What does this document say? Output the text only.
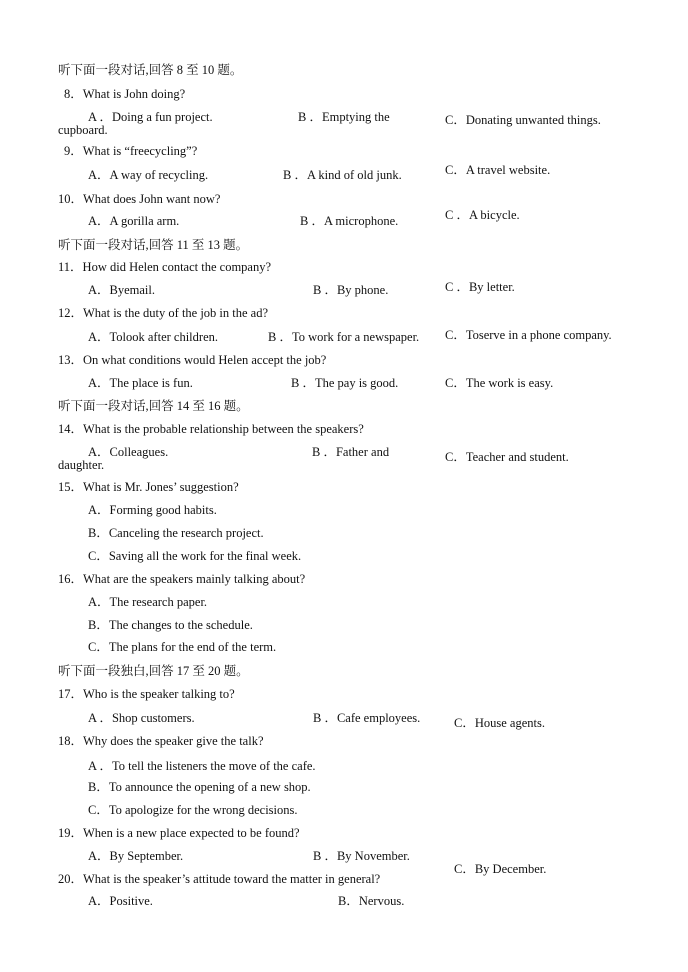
听下面一段对话,回答 8 至 10 题。
8．What is John doing?
A ．Doing a fun project.	B ．Emptying the
cupboard.
C．Donating unwanted things.
9．What is “freecycling”?
A．A way of recycling.	B ．A kind of old junk.	C．A travel website.
10．What does John want now?
A．A gorilla arm.	B ．A microphone.	C ．A bicycle.
听下面一段对话,回答 11 至 13 题。
11．How did Helen contact the company?
A．Byemail.	B ．By phone.	C ．By letter.
12．What is the duty of the job in the ad?
A．Tolook after children.	B ．To work for a newspaper. C．Toserve in a phone company.
13．On what conditions would Helen accept the job?
A．The place is fun.	B ．The pay is good.	C．The work is easy.
听下面一段对话,回答 14 至 16 题。
14．What is the probable relationship between the speakers?
A．Colleagues.	B ．Father and
daughter.
C．Teacher and student.
15．What is Mr. Jones’ suggestion?
A．Forming good habits.
B．Canceling the research project.
C．Saving all the work for the final week.
16．What are the speakers mainly talking about?
A．The research paper.
B．The changes to the schedule.
C．The plans for the end of the term.
听下面一段独白,回答 17 至 20 题。
17．Who is the speaker talking to?
A ．Shop customers.	B ．Cafe employees.	C．House agents.
18．Why does the speaker give the talk?
A ．To tell the listeners the move of the cafe.
B．To announce the opening of a new shop.
C．To apologize for the wrong decisions.
19．When is a new place expected to be found?
A．By September.	B ．By November.
C．By December.
20．What is the speaker’s attitude toward the matter in general?
A．Positive.	B．Nervous.
